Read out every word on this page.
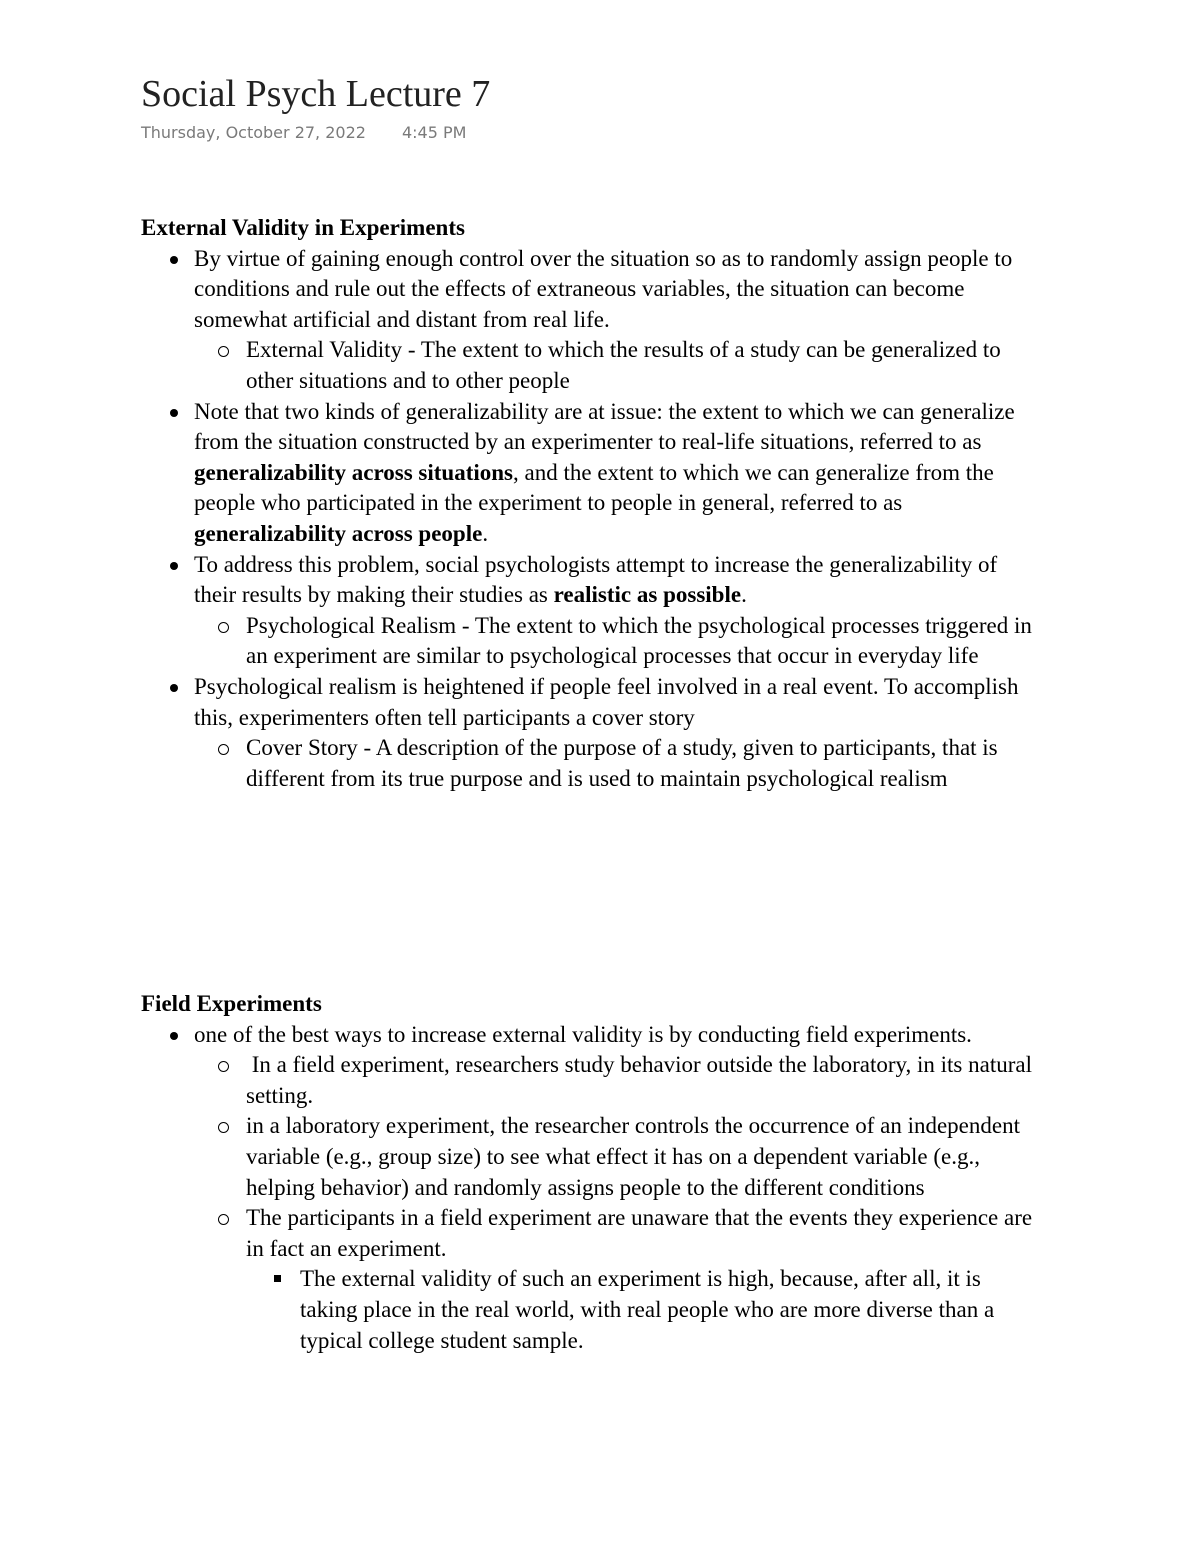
Social Psych Lecture 7
Thursday, October 27, 2022 4:45 PM

External Validity in Experiments

By virtue of gaining enough control over the situation so as to randomly assign people to conditions and rule out the effects of extraneous variables, the situation can become somewhat artificial and distant from real life.
External Validity - The extent to which the results of a study can be generalized to other situations and to other people
Note that two kinds of generalizability are at issue: the extent to which we can generalize from the situation constructed by an experimenter to real-life situations, referred to as generalizability across situations, and the extent to which we can generalize from the people who participated in the experiment to people in general, referred to as generalizability across people.
To address this problem, social psychologists attempt to increase the generalizability of their results by making their studies as realistic as possible.
Psychological Realism - The extent to which the psychological processes triggered in an experiment are similar to psychological processes that occur in everyday life
Psychological realism is heightened if people feel involved in a real event. To accomplish this, experimenters often tell participants a cover story
Cover Story - A description of the purpose of a study, given to participants, that is different from its true purpose and is used to maintain psychological realism

Field Experiments

one of the best ways to increase external validity is by conducting field experiments.
In a field experiment, researchers study behavior outside the laboratory, in its natural setting.
in a laboratory experiment, the researcher controls the occurrence of an independent variable (e.g., group size) to see what effect it has on a dependent variable (e.g., helping behavior) and randomly assigns people to the different conditions
The participants in a field experiment are unaware that the events they experience are in fact an experiment.
The external validity of such an experiment is high, because, after all, it is taking place in the real world, with real people who are more diverse than a typical college student sample.
